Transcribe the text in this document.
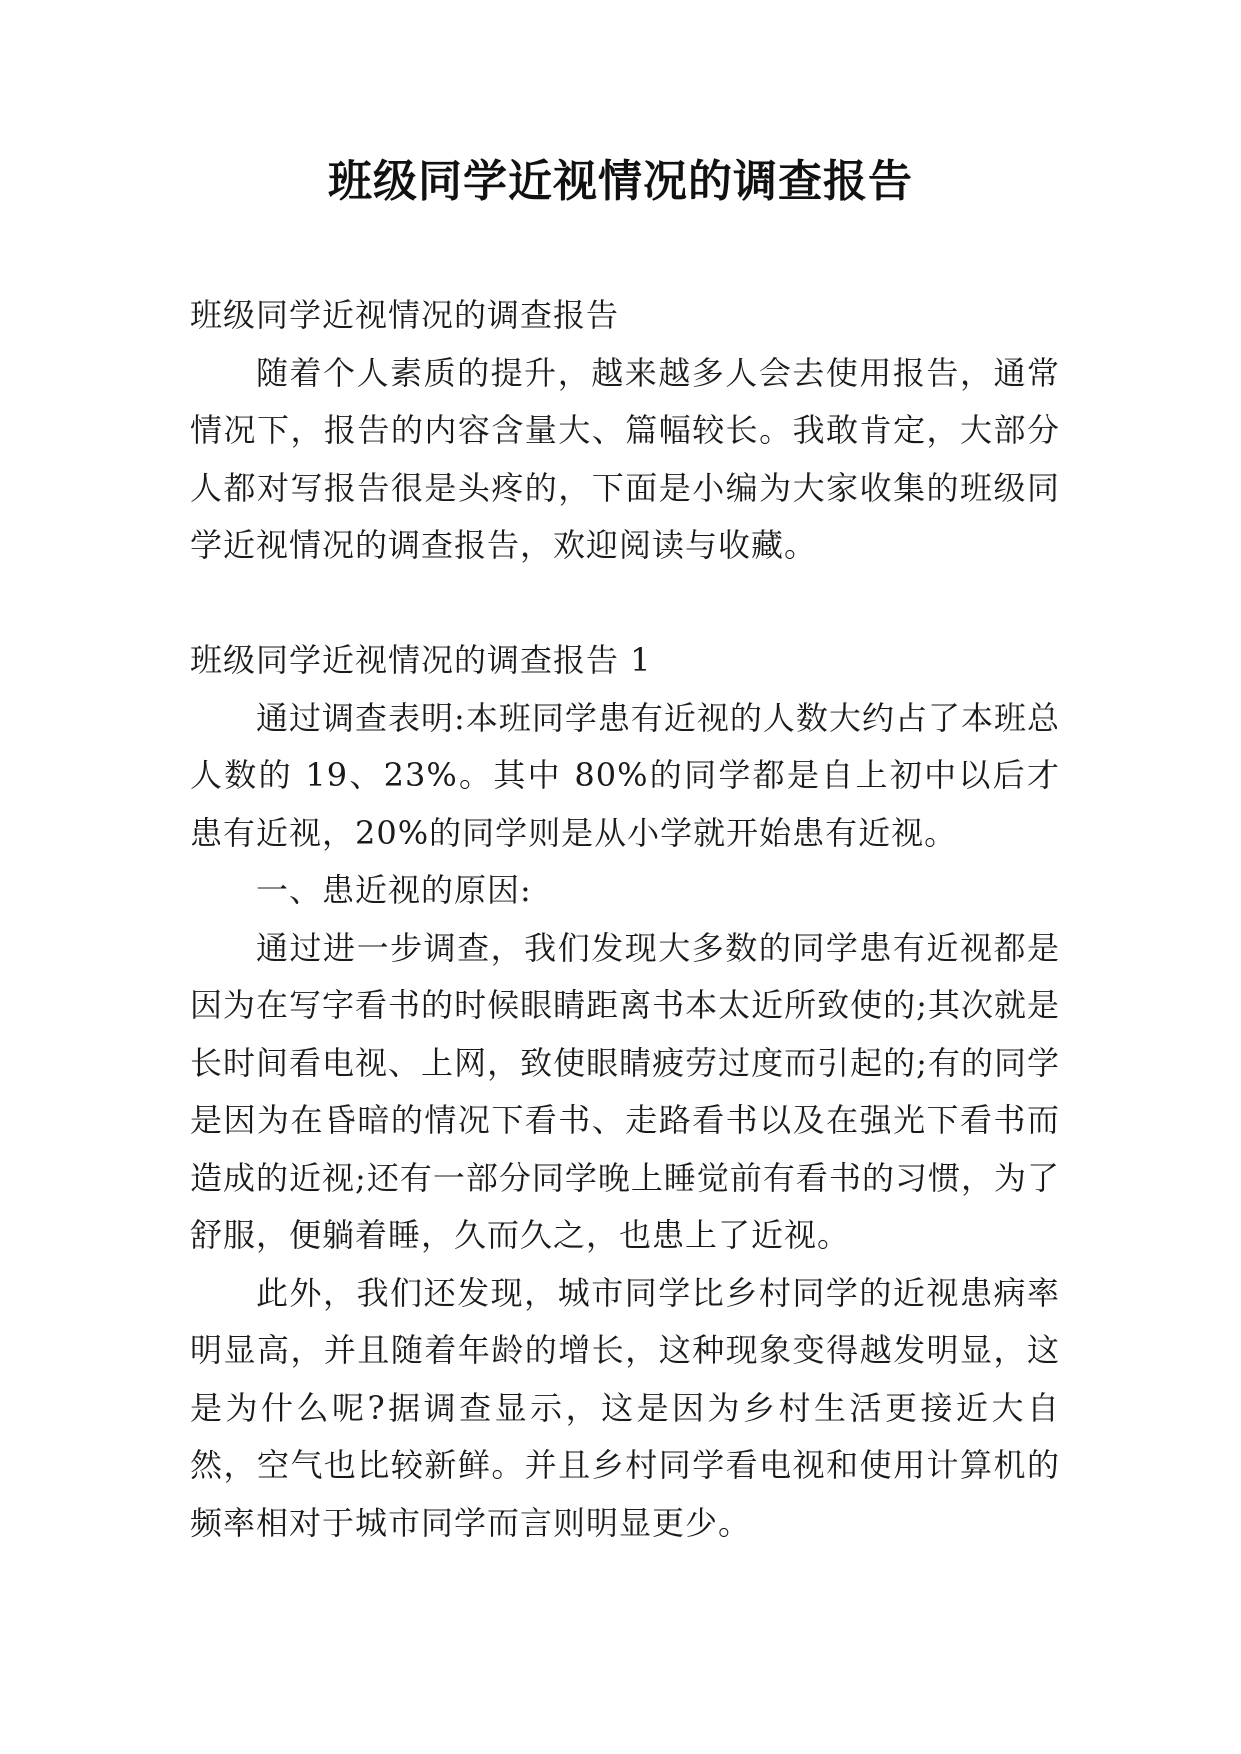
班级同学近视情况的调查报告

班级同学近视情况的调查报告

随着个人素质的提升，越来越多人会去使用报告，通常情况下，报告的内容含量大、篇幅较长。我敢肯定，大部分人都对写报告很是头疼的，下面是小编为大家收集的班级同学近视情况的调查报告，欢迎阅读与收藏。

班级同学近视情况的调查报告 1

通过调查表明:本班同学患有近视的人数大约占了本班总人数的 19、23%。其中 80%的同学都是自上初中以后才患有近视，20%的同学则是从小学就开始患有近视。

一、患近视的原因:

通过进一步调查，我们发现大多数的同学患有近视都是因为在写字看书的时候眼睛距离书本太近所致使的;其次就是长时间看电视、上网，致使眼睛疲劳过度而引起的;有的同学是因为在昏暗的情况下看书、走路看书以及在强光下看书而造成的近视;还有一部分同学晚上睡觉前有看书的习惯，为了舒服，便躺着睡，久而久之，也患上了近视。

此外，我们还发现，城市同学比乡村同学的近视患病率明显高，并且随着年龄的增长，这种现象变得越发明显，这是为什么呢?据调查显示，这是因为乡村生活更接近大自然，空气也比较新鲜。并且乡村同学看电视和使用计算机的频率相对于城市同学而言则明显更少。
